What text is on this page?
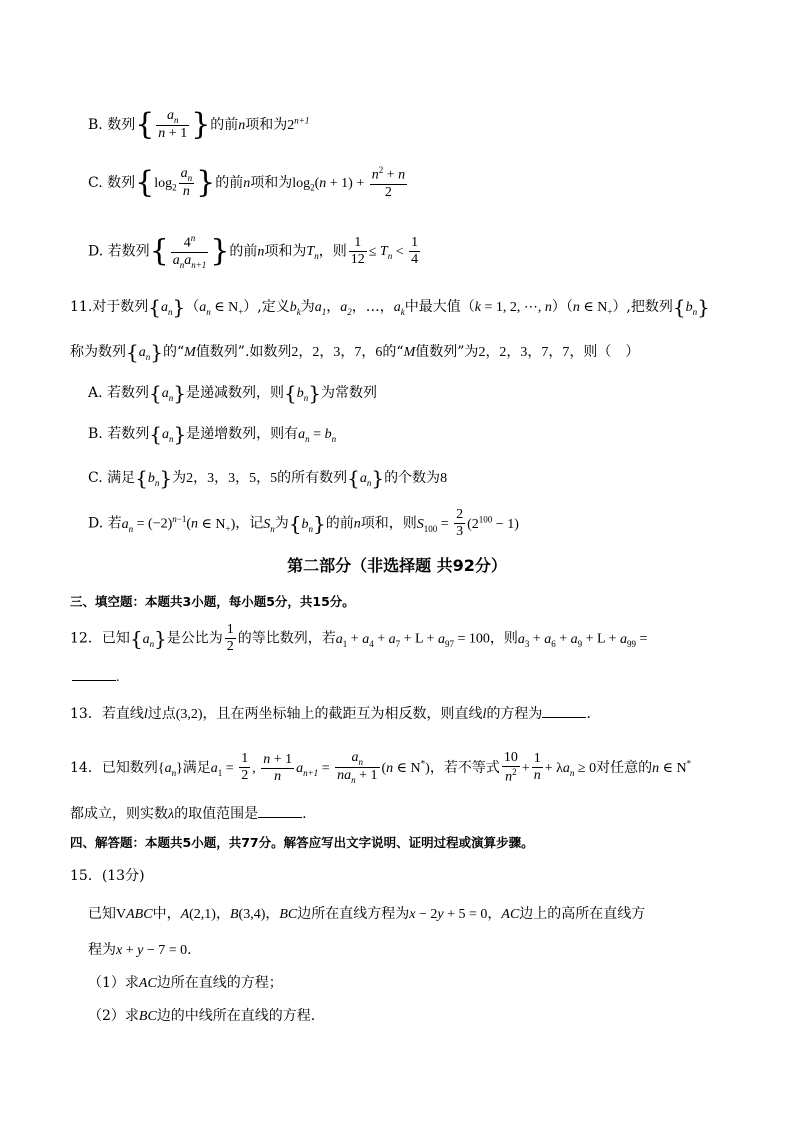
B. 数列{ $\frac{a_n}{n + 1}$ }的前n项和为$2^{n+1}$
C. 数列{$\log_2 \frac{a_n}{n}$ }的前n项和为$\log_2(n + 1) + \frac{n^2 + n}{2}$
D. 若数列{ $\frac{4^n}{a_na_{n+1}}$ }的前n项和为$T_n$，则 $\frac{1}{12} \le T_n < \frac{1}{4}$
11.对于数列$\{a_n\}(a_n$ ∈ $N_+$）,定义$b_k$为$a_1$，$a_2$，…，$a_k$中最大值（k = 1, 2, ⋯, n）（n ∈ $N_+$）,把数列$\{b_n\}$
称为数列$\{a_n\}$的“M值数列”.如数列2，2，3，7，6的“M值数列”为2，2，3，7，7，则（　）
A. 若数列$\{a_n\}$是递减数列，则$\{b_n\}$为常数列
B. 若数列$\{a_n\}$是递增数列，则有$a_n = b_n$
C. 满足$\{b_n\}$为2，3，3，5，5的所有数列$\{a_n\}$的个数为8
D. 若$a_n = (-2)^{n-1}(n$ ∈ $N_+$)，记$S_n$为$\{b_n\}$的前n项和，则$S_{100} = \frac{2}{3} (2^{100} - 1)$
第二部分（非选择题 共92分）
三、填空题：本题共3小题，每小题5分，共15分。
12．已知$\{a_n\}$是公比为 $\frac{1}{2}$ 的等比数列，若$a_1 + a_4 + a_7 + L + a_{97} = 100$，则$a_3 + a_6 + a_9 + L + a_{99}$ =
.
13．若直线l过点(3,2)，且在两坐标轴上的截距互为相反数，则直线l的方程为	．
14．已知数列$\{a_n\}$满足$a_1 = \frac{1}{2}$ , $\frac{n + 1}{n} a_{n+1} = \frac{a_n}{na_n + 1} (n$ ∈ N*)，若不等式 $\frac{10}{n^2} + \frac{1}{n} + \lambda a_n \ge 0$对任意的n ∈ N*
都成立，则实数λ的取值范围是	.
四、解答题：本题共5小题，共77分。解答应写出文字说明、证明过程或演算步骤。
15．(13分)
已知VABC中，A(2,1)，B(3,4)，BC边所在直线方程为x − 2y + 5 = 0，AC边上的高所在直线方
程为x + y − 7 = 0.
（1）求AC边所在直线的方程；
（2）求BC边的中线所在直线的方程.
